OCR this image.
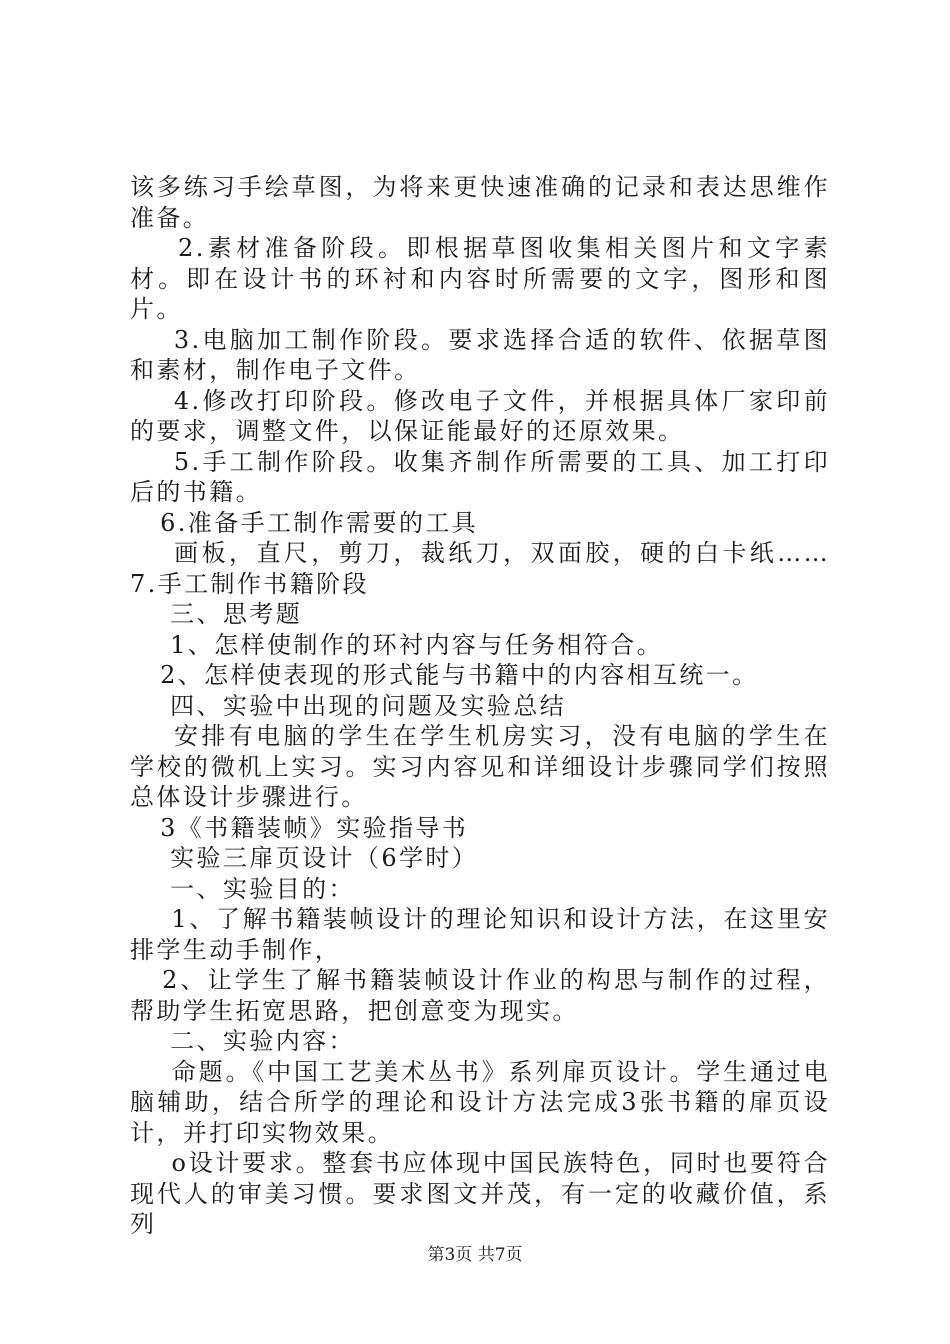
该多练习手绘草图，为将来更快速准确的记录和表达思维作准备。

2.素材准备阶段。即根据草图收集相关图片和文字素材。即在设计书的环衬和内容时所需要的文字，图形和图片。

3.电脑加工制作阶段。要求选择合适的软件、依据草图和素材，制作电子文件。

4.修改打印阶段。修改电子文件，并根据具体厂家印前的要求，调整文件，以保证能最好的还原效果。

5.手工制作阶段。收集齐制作所需要的工具、加工打印后的书籍。

6.准备手工制作需要的工具

画板，直尺，剪刀，裁纸刀，双面胶，硬的白卡纸……7.手工制作书籍阶段

三、思考题

1、怎样使制作的环衬内容与任务相符合。

2、怎样使表现的形式能与书籍中的内容相互统一。

四、实验中出现的问题及实验总结

安排有电脑的学生在学生机房实习，没有电脑的学生在学校的微机上实习。实习内容见和详细设计步骤同学们按照总体设计步骤进行。

3《书籍装帧》实验指导书

实验三扉页设计（6学时）

一、实验目的：

1、了解书籍装帧设计的理论知识和设计方法，在这里安排学生动手制作，

2、让学生了解书籍装帧设计作业的构思与制作的过程，帮助学生拓宽思路，把创意变为现实。

二、实验内容：

命题。《中国工艺美术丛书》系列扉页设计。学生通过电脑辅助，结合所学的理论和设计方法完成3张书籍的扉页设计，并打印实物效果。

o设计要求。整套书应体现中国民族特色，同时也要符合现代人的审美习惯。要求图文并茂，有一定的收藏价值，系列

第3页 共7页
